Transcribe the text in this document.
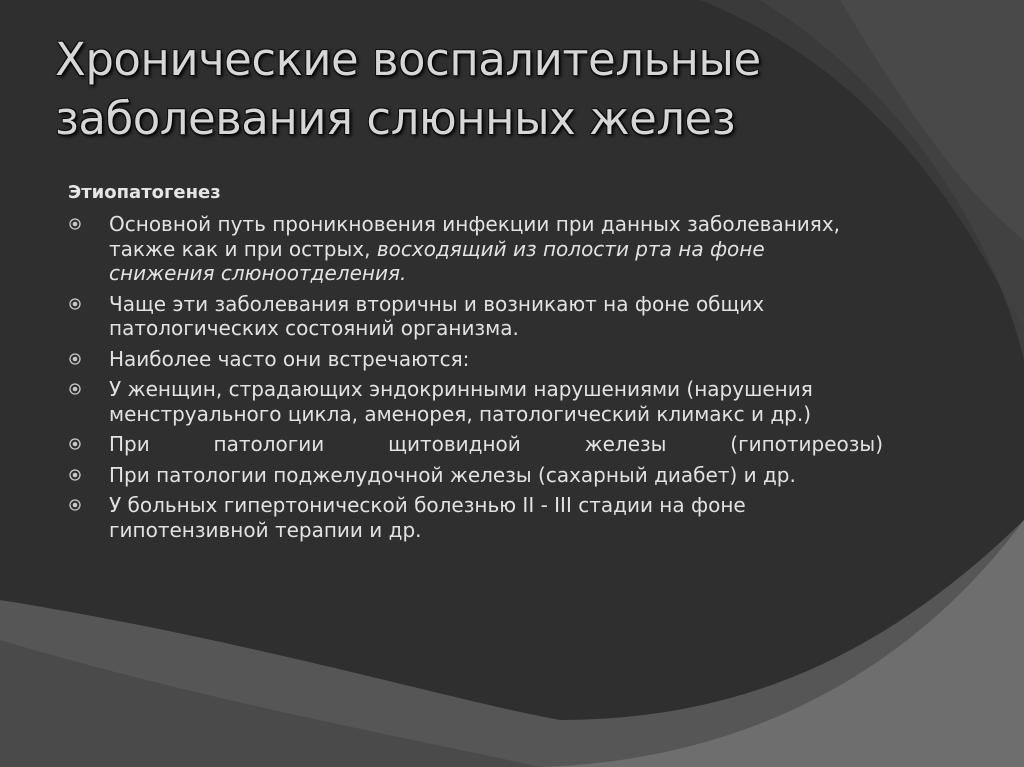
Хронические воспалительные
заболевания слюнных желез
Этиопатогенез
Основной путь проникновения инфекции при данных заболеваниях, также как и при острых, восходящий из полости рта на фоне снижения слюноотделения.
Чаще эти заболевания вторичны и возникают на фоне общих патологических состояний организма.
Наиболее часто они встречаются:
У женщин, страдающих эндокринными нарушениями (нарушения менструального цикла, аменорея, патологический климакс и др.)
При патологии щитовидной железы (гипотиреозы)
При патологии поджелудочной железы (сахарный диабет) и др.
У больных гипертонической болезнью II - III стадии на фоне гипотензивной терапии и др.
